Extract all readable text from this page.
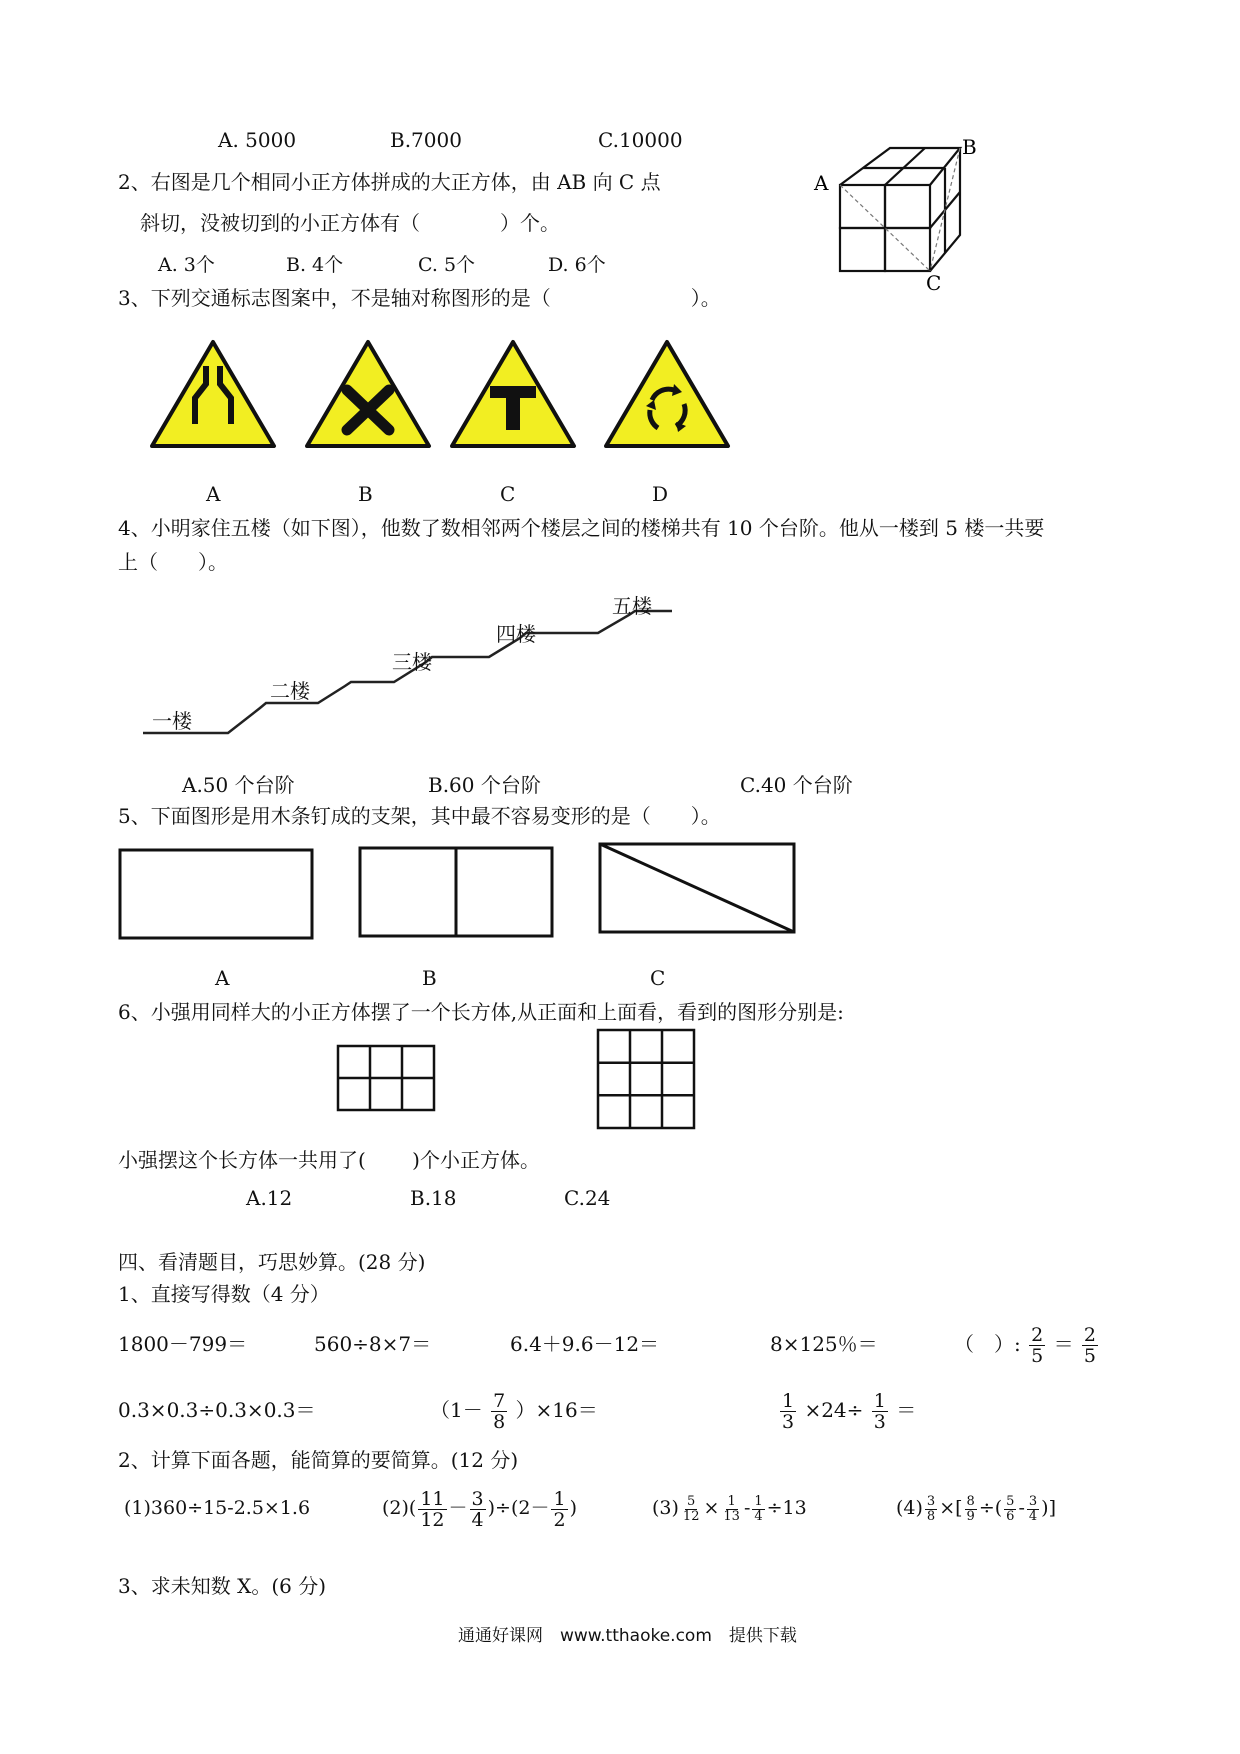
A. 5000	B.7000	C.10000
2、右图是几个相同小正方体拼成的大正方体，由 AB 向 C 点
斜切，没被切到的小正方体有（　　　　）个。
A. 3个	B. 4个	C. 5个	D. 6个
A
B
C
3、下列交通标志图案中，不是轴对称图形的是（　　　　　　　）。
A	B	C	D
4、小明家住五楼（如下图），他数了数相邻两个楼层之间的楼梯共有 10 个台阶。他从一楼到 5 楼一共要
上（　　）。
一楼
二楼
三楼
四楼
五楼
A.50 个台阶	B.60 个台阶	C.40 个台阶
5、下面图形是用木条钉成的支架，其中最不容易变形的是（　　）。
A	B	C
6、小强用同样大的小正方体摆了一个长方体,从正面和上面看，看到的图形分别是:
小强摆这个长方体一共用了(　　 )个小正方体。
A.12	B.18	C.24
四、看清题目，巧思妙算。(28 分)
1、直接写得数（4 分）
1800－799＝	560÷8×7＝	6.4＋9.6－12＝	8×125％＝	（　）: $\frac{2}{5} = \frac{2}{5}$
0.3×0.3÷0.3×0.3＝	$(1- \frac{7}{8} )\times 16=$	$\frac{1}{3} \times 24\div \frac{1}{3}$ ＝
2、计算下面各题，能简算的要简算。(12 分)
(1)360÷15-2.5×1.6	$(2)( \frac{11}{12} - \frac{3}{4} )\div(2- \frac{1}{2}$ )	$(3) \frac{5}{12} \times \frac{1}{13} - \frac{1}{4} \div 13$	$(4) \frac{3}{8}$ ×[ $\frac{8}{9}$ ÷( $\frac{5}{6} - \frac{3}{4}$ )]
3、求未知数 X。(6 分)
通通好课网　www.tthaoke.com　提供下载
